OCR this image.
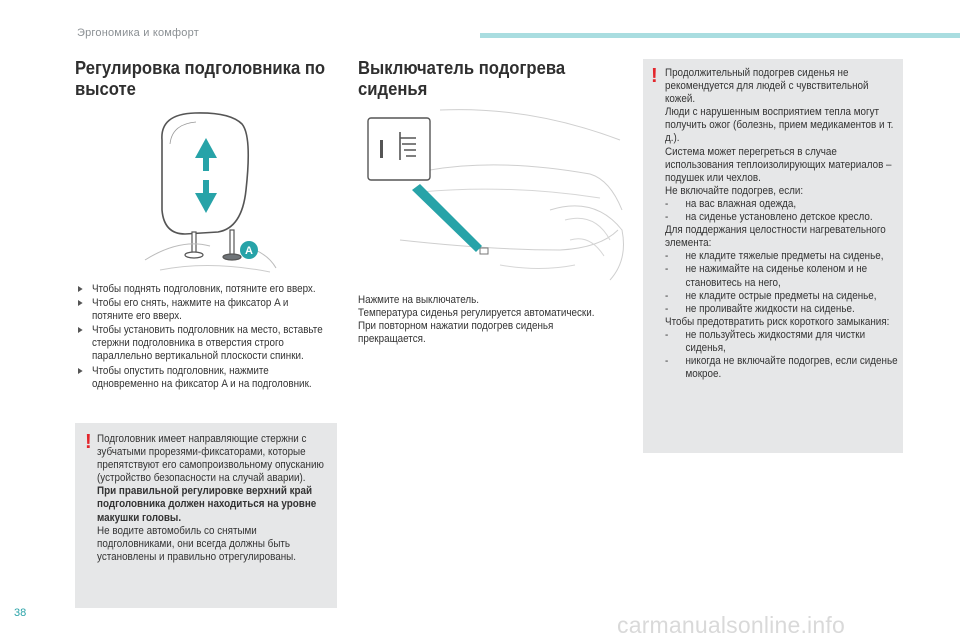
Эргономика и комфорт
Регулировка подголовника по высоте
A
Чтобы поднять подголовник, потяните его вверх.
Чтобы его снять, нажмите на фиксатор A и потяните его вверх.
Чтобы установить подголовник на место, вставьте стержни подголовника в отверстия строго параллельно вертикальной плоскости спинки.
Чтобы опустить подголовник, нажмите одновременно на фиксатор A и на подголовник.
! Подголовник имеет направляющие стержни с зубчатыми прорезями-фиксаторами, которые препятствуют его самопроизвольному опусканию (устройство безопасности на случай аварии).

При правильной регулировке верхний край подголовника должен находиться на уровне макушки головы.

Не водите автомобиль со снятыми подголовниками, они всегда должны быть установлены и правильно отрегулированы.

Выключатель подогрева сиденья

Нажмите на выключатель.

Температура сиденья регулируется автоматически.

При повторном нажатии подогрев сиденья прекращается.

! Продолжительный подогрев сиденья не рекомендуется для людей с чувствительной кожей.

Люди с нарушенным восприятием тепла могут получить ожог (болезнь, прием медикаментов и т. д.).

Система может перегреться в случае использования теплоизолирующих материалов – подушек или чехлов.

Не включайте подогрев, если:

- на вас влажная одежда,

- на сиденье установлено детское кресло.

Для поддержания целостности нагревательного элемента:

- не кладите тяжелые предметы на сиденье,

- не нажимайте на сиденье коленом и не становитесь на него,

- не кладите острые предметы на сиденье,

- не проливайте жидкости на сиденье.

Чтобы предотвратить риск короткого замыкания:

- не пользуйтесь жидкостями для чистки сиденья,

- никогда не включайте подогрев, если сиденье мокрое.

38	carmanualsonline.info
